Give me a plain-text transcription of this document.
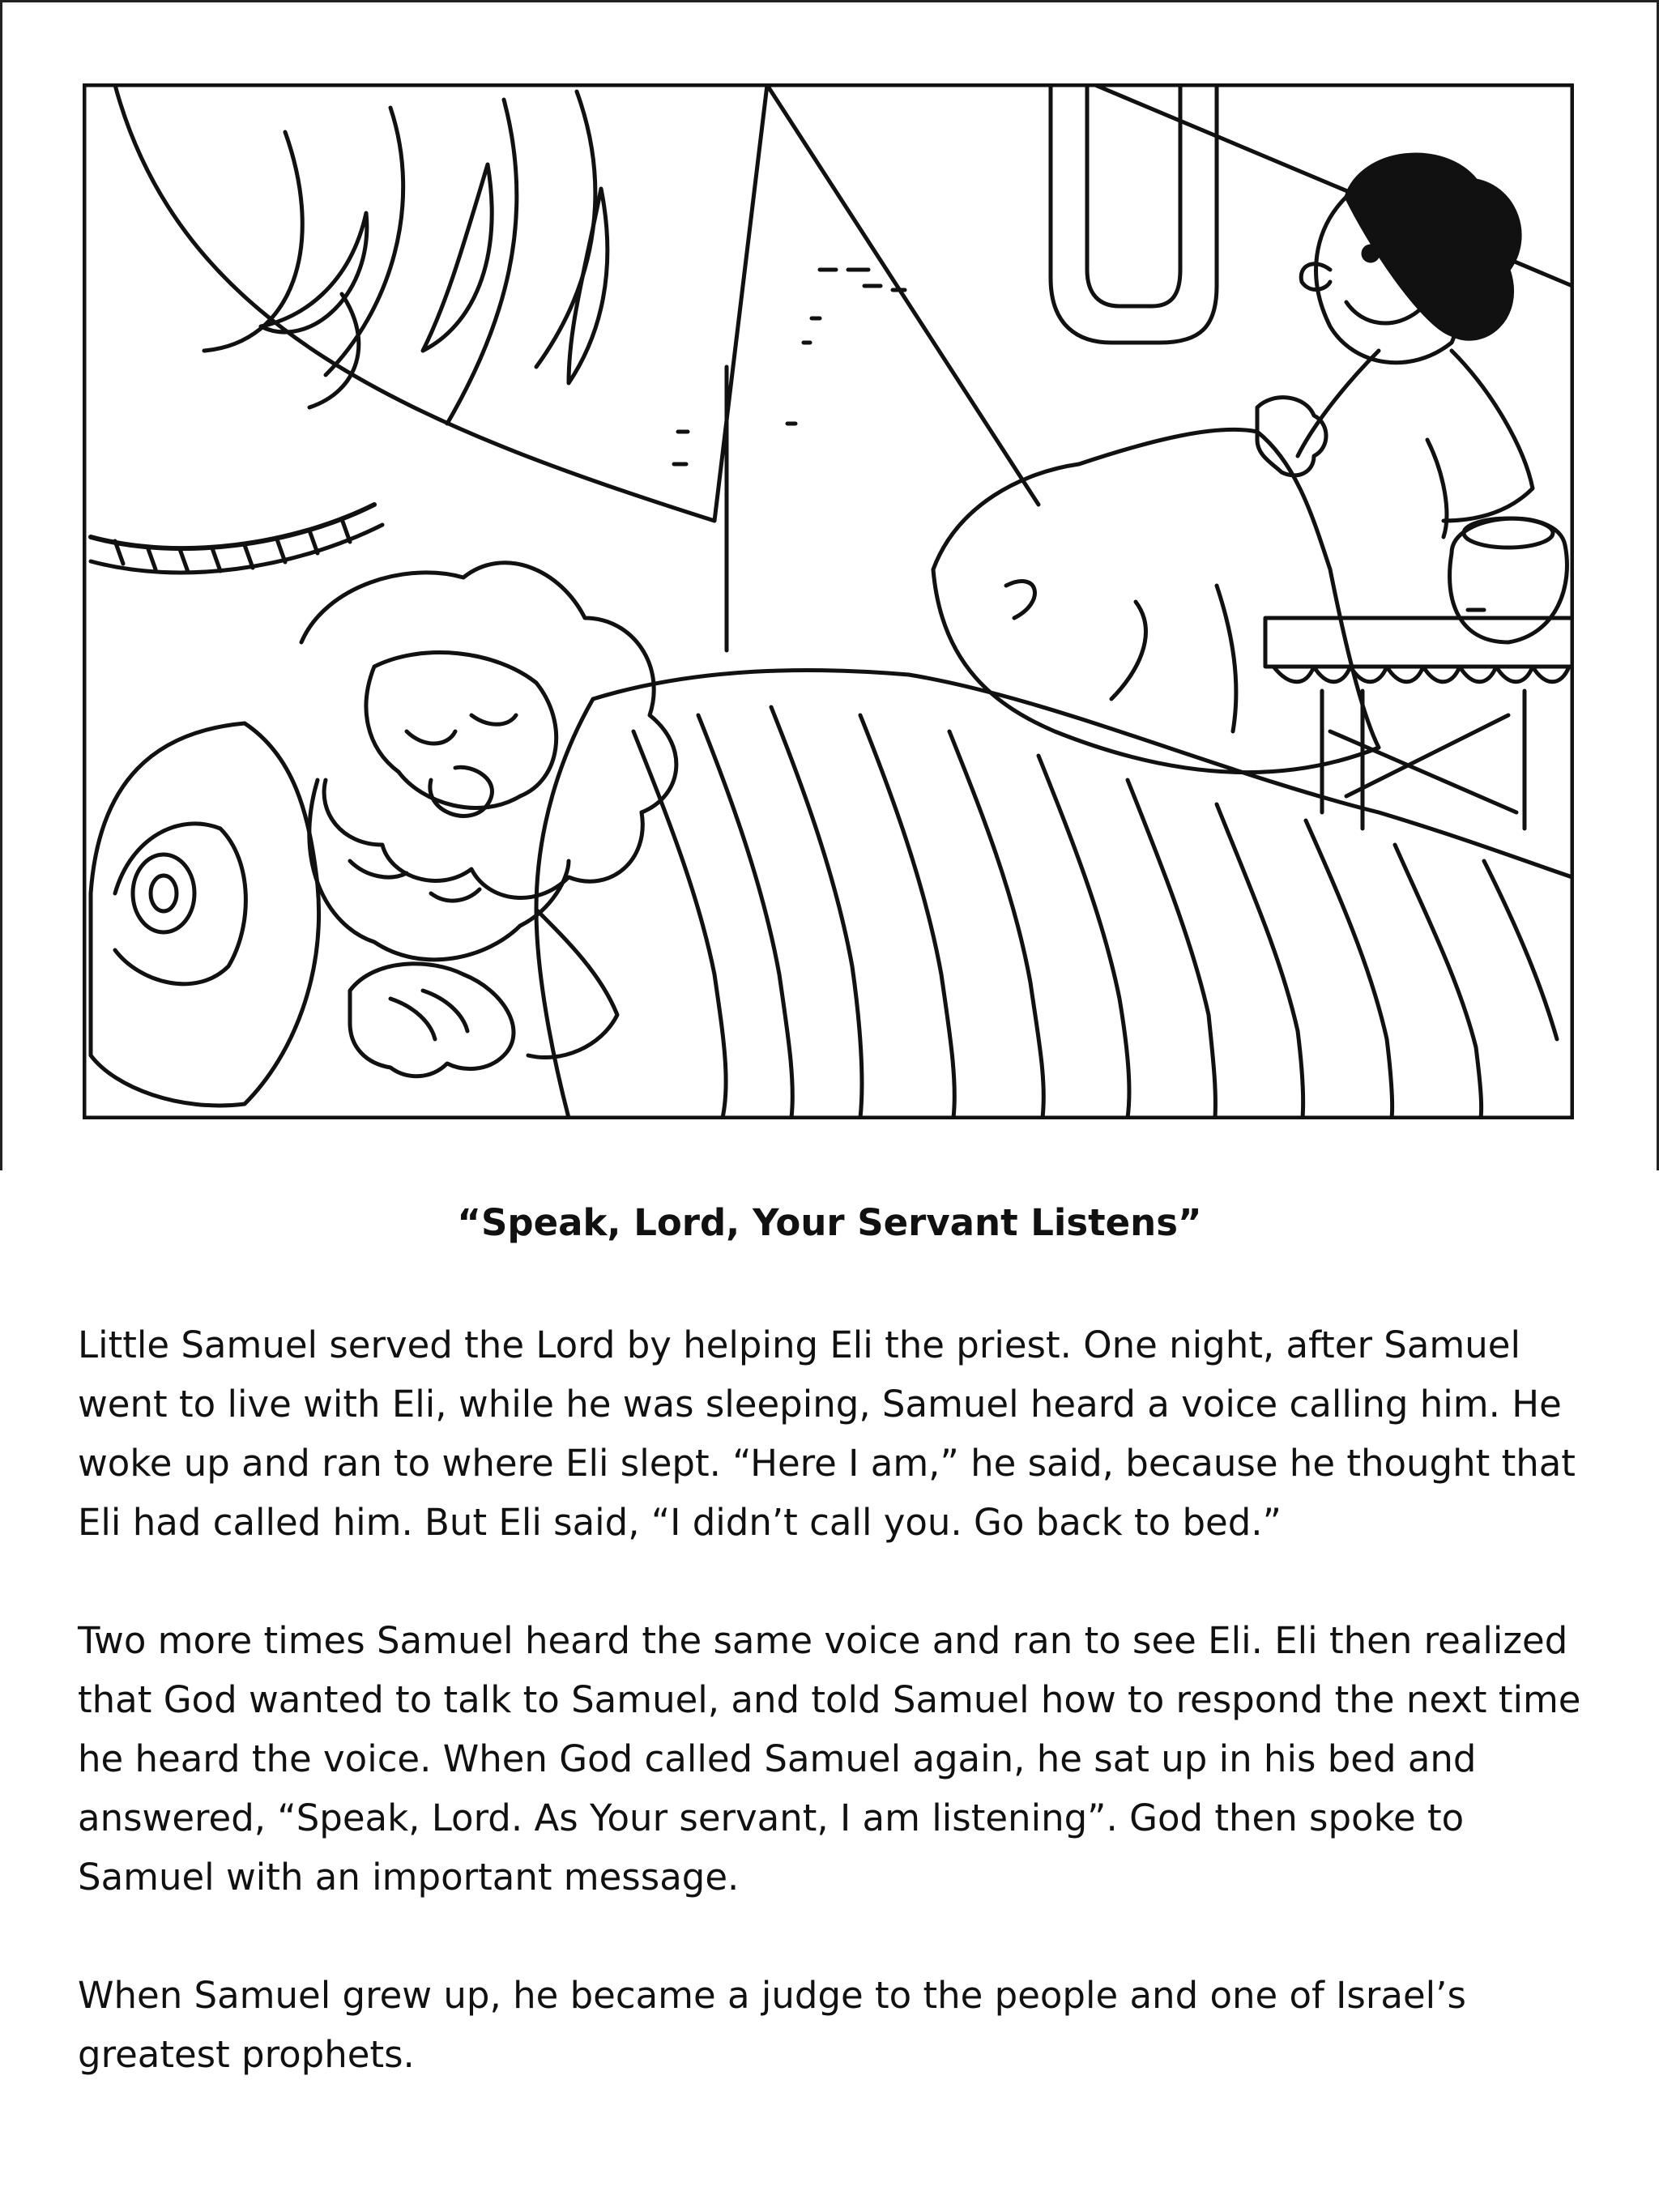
“Speak, Lord, Your Servant Listens”

Little Samuel served the Lord by helping Eli the priest. One night, after Samuel went to live with Eli, while he was sleeping, Samuel heard a voice calling him. He woke up and ran to where Eli slept. “Here I am,” he said, because he thought that Eli had called him. But Eli said, “I didn’t call you. Go back to bed.”

Two more times Samuel heard the same voice and ran to see Eli. Eli then realized that God wanted to talk to Samuel, and told Samuel how to respond the next time he heard the voice. When God called Samuel again, he sat up in his bed and answered, “Speak, Lord. As Your servant, I am listening”. God then spoke to Samuel with an important message.

When Samuel grew up, he became a judge to the people and one of Israel’s greatest prophets.
